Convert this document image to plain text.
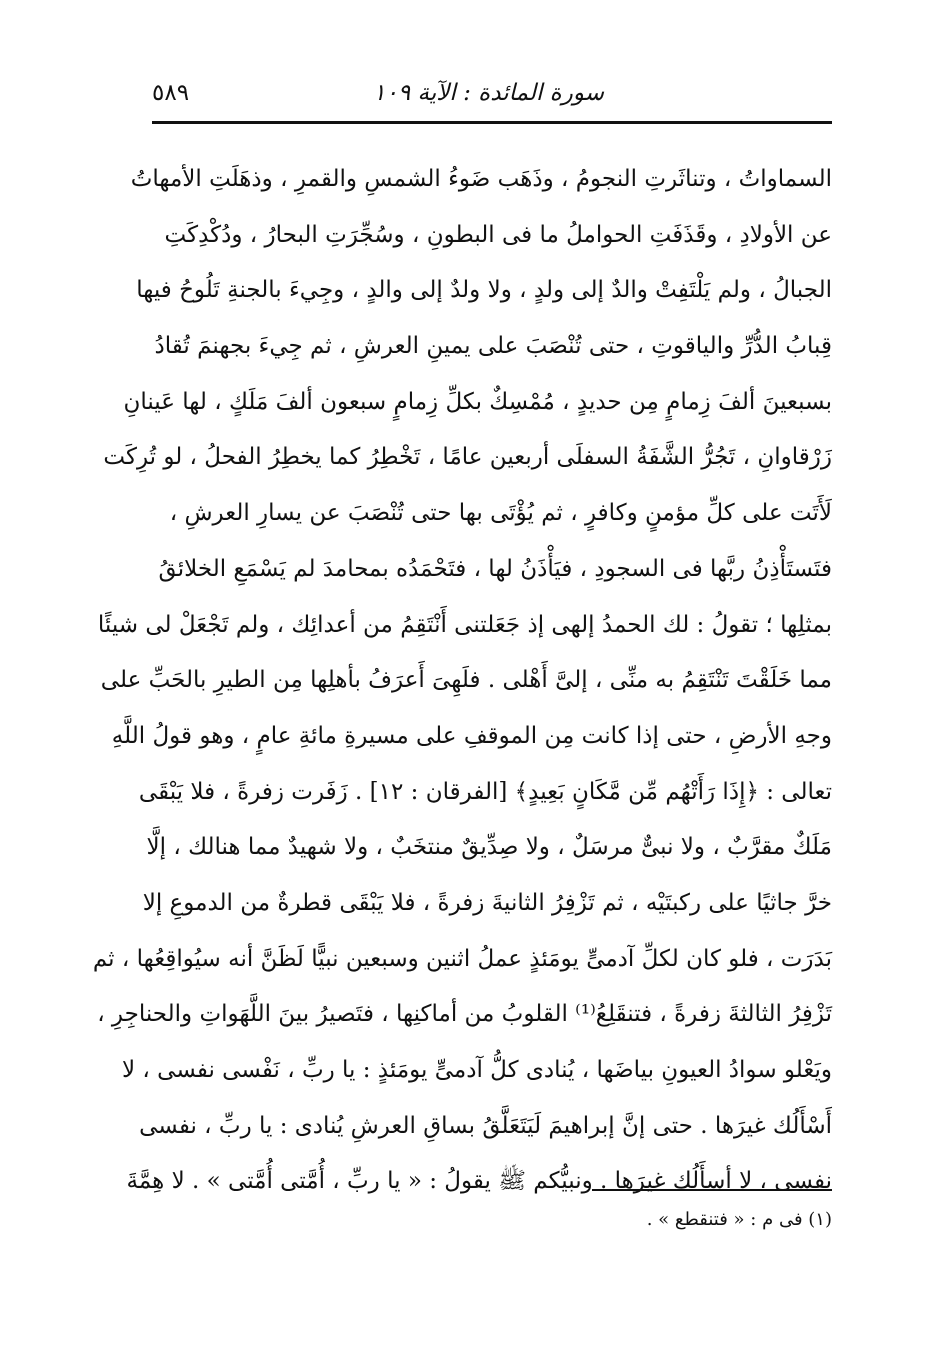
سورة المائدة : الآية ١٠٩
٥٨٩
السماواتُ ، وتناثَرتِ النجومُ ، وذَهَب ضَوءُ الشمسِ والقمرِ ، وذهَلَتِ الأمهاتُ
عن الأولادِ ، وقَذَفَتِ الحواملُ ما فى البطونِ ، وسُجِّرَتِ البحارُ ، ودُكْدِكَتِ
الجبالُ ، ولم يَلْتَفِتْ والدٌ إلى ولدٍ ، ولا ولدٌ إلى والدٍ ، وجِيءَ بالجنةِ تَلُوحُ فيها
قِبابُ الدُّرِّ والياقوتِ ، حتى تُنْصَبَ على يمينِ العرشِ ، ثم جِيءَ بجهنمَ تُقادُ
بسبعينَ ألفَ زِمامٍ مِن حديدٍ ، مُمْسِكٌ بكلِّ زِمامٍ سبعون ألفَ مَلَكٍ ، لها عَينانِ
زَرْقاوانِ ، تَجُرُّ الشَّفَةُ السفلَى أربعين عامًا ، تَخْطِرُ كما يخطِرُ الفحلُ ، لو تُرِكَت
لَأَتَت على كلِّ مؤمنٍ وكافرٍ ، ثم يُؤْتَى بها حتى تُنْصَبَ عن يسارِ العرشِ ،
فتَستَأْذِنُ ربَّها فى السجودِ ، فيَأْذَنُ لها ، فتَحْمَدُه بمحامدَ لم يَسْمَعِ الخلائقُ
بمثلِها ؛ تقولُ : لك الحمدُ إلهى إذ جَعَلتنى أَنْتَقِمُ من أعدائِك ، ولم تَجْعَلْ لى شيئًا
مما خَلَقْتَ تَنْتَقِمُ به منِّى ، إلىَّ أَهْلى . فلَهِىَ أَعرَفُ بأهلِها مِن الطيرِ بالحَبِّ على
وجهِ الأرضِ ، حتى إذا كانت مِن الموقفِ على مسيرةِ مائةِ عامٍ ، وهو قولُ اللَّهِ
تعالى : ﴿إِذَا رَأَتْهُم مِّن مَّكَانٍ بَعِيدٍ﴾ [الفرقان : ١٢] . زَفَرت زفرةً ، فلا يَبْقَى
مَلَكٌ مقرَّبٌ ، ولا نبىٌّ مرسَلٌ ، ولا صِدِّيقٌ منتخَبٌ ، ولا شهيدٌ مما هنالك ، إلَّا
خرَّ جاثيًا على ركبتَيْه ، ثم تَزْفِرُ الثانيةَ زفرةً ، فلا يَبْقَى قطرةٌ من الدموعِ إلا
بَدَرَت ، فلو كان لكلِّ آدمىٍّ يومَئذٍ عملُ اثنين وسبعين نبيًّا لَظَنَّ أنه سيُواقِعُها ، ثم
تَزْفِرُ الثالثةَ زفرةً ، فتنقَلِعُ⁽¹⁾ القلوبُ من أماكنِها ، فتَصيرُ بينَ اللَّهَواتِ والحناجِرِ ،
ويَعْلو سوادُ العيونِ بياضَها ، يُنادى كلُّ آدمىٍّ يومَئذٍ : يا ربِّ ، نَفْسى نفسى ، لا
أَسْأَلُك غيرَها . حتى إنَّ إبراهيمَ لَيَتَعَلَّقُ بساقِ العرشِ يُنادى : يا ربِّ ، نفسى
نفسى ، لا أسأَلُك غيرَها . ونبيُّكم ﷺ يقولُ : « يا ربِّ ، أُمَّتى أُمَّتى » . لا هِمَّةَ
(١) فى م : « فتنقطع » .
